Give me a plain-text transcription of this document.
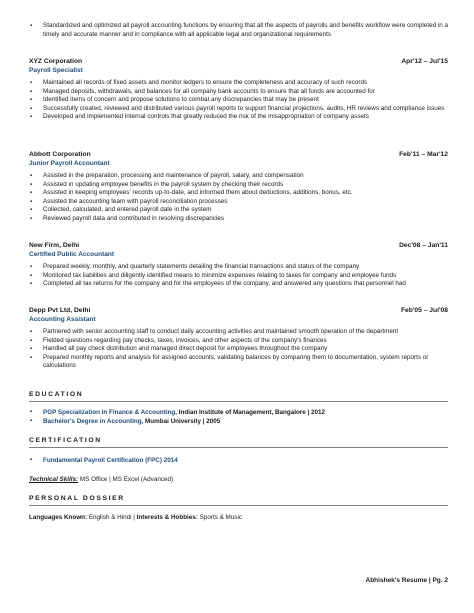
▪ Standardized and optimized all payroll accounting functions by ensuring that all the aspects of payrolls and benefits workflow were completed in a timely and accurate manner and in compliance with all applicable legal and organizational requirements
XYZ Corporation	Apr'12 – Jul'15
Payroll Specialist
▪ Maintained all records of fixed assets and monitor ledgers to ensure the completeness and accuracy of such records
▪ Managed deposits, withdrawals, and balances for all company bank accounts to ensure that all funds are accounted for
▪ Identified items of concern and propose solutions to combat any discrepancies that may be present
▪ Successfully created, reviewed and distributed various payroll reports to support financial projections, audits, HR reviews and compliance issues
▪ Developed and implemented internal controls that greatly reduced the risk of the misappropriation of company assets
Abbott Corporation	Feb'11 – Mar'12
Junior Payroll Accountant
▪ Assisted in the preparation, processing and maintenance of payroll, salary, and compensation
▪ Assisted in updating employee benefits in the payroll system by checking their records
▪ Assisted in keeping employees' records up-to-date, and informed them about deductions, additions, bonus, etc.
▪ Assisted the accounting team with payroll reconciliation processes
▪ Collected, calculated, and entered payroll date in the system
▪ Reviewed payroll data and contributed in resolving discrepancies
New Firm, Delhi	Dec'08 – Jan'11
Certified Public Accountant
▪ Prepared weekly, monthly, and quarterly statements detailing the financial transactions and status of the company
▪ Monitored tax liabilities and diligently identified means to minimize expenses relating to taxes for company and employee funds
▪ Completed all tax returns for the company and for the employees of the company, and answered any questions that personnel had
Depp Pvt Ltd, Delhi	Feb'05 – Jul'08
Accounting Assistant
▪ Partnered with senior accounting staff to conduct daily accounting activities and maintained smooth operation of the department
▪ Fielded questions regarding pay checks, taxes, invoices, and other aspects of the company's finances
▪ Handled all pay check distribution and managed direct deposit for employees throughout the company
▪ Prepared monthly reports and analysis for assigned accounts, validating balances by comparing them to documentation, system reports or calculations
EDUCATION
▪ PGP Specialization in Finance & Accounting, Indian Institute of Management, Bangalore | 2012
▪ Bachelor's Degree in Accounting, Mumbai University | 2005
CERTIFICATION
▪ Fundamental Payroll Certification (FPC) 2014
Technical Skills: MS Office | MS Excel (Advanced)
PERSONAL DOSSIER
Languages Known: English & Hindi | Interests & Hobbies: Sports & Music
Abhishek's Resume | Pg. 2
